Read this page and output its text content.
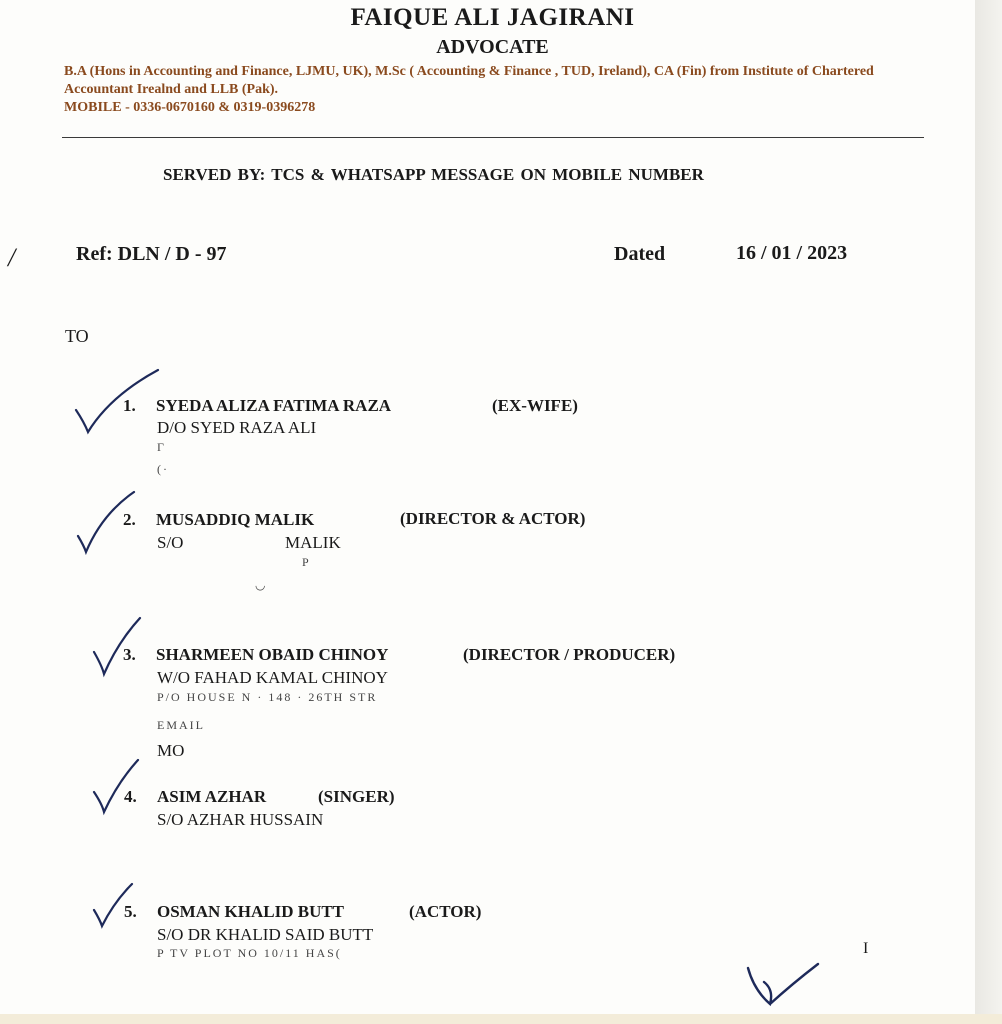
FAIQUE ALI JAGIRANI
ADVOCATE
B.A (Hons in Accounting and Finance, LJMU, UK), M.Sc ( Accounting & Finance , TUD, Ireland), CA (Fin) from Institute of Chartered Accountant Irealnd and LLB (Pak).
MOBILE - 0336-0670160 & 0319-0396278
SERVED BY: TCS & WHATSAPP MESSAGE ON MOBILE NUMBER
/	Ref: DLN / D - 97	Dated	16 / 01 / 2023
TO
1. SYEDA ALIZA FATIMA RAZA	(EX-WIFE)
D/O SYED RAZA ALI
Γ
(·
2. MUSADDIQ MALIK	(DIRECTOR & ACTOR)
S/O	MALIK
P
◡
3. SHARMEEN OBAID CHINOY	(DIRECTOR / PRODUCER)
W/O FAHAD KAMAL CHINOY
P/O HOUSE N · 148 · 26TH STR
EMAIL
MO
4. ASIM AZHAR	(SINGER)
S/O AZHAR HUSSAIN
5. OSMAN KHALID BUTT	(ACTOR)
S/O DR KHALID SAID BUTT
P TV PLOT NO 10/11 HAS(	I
